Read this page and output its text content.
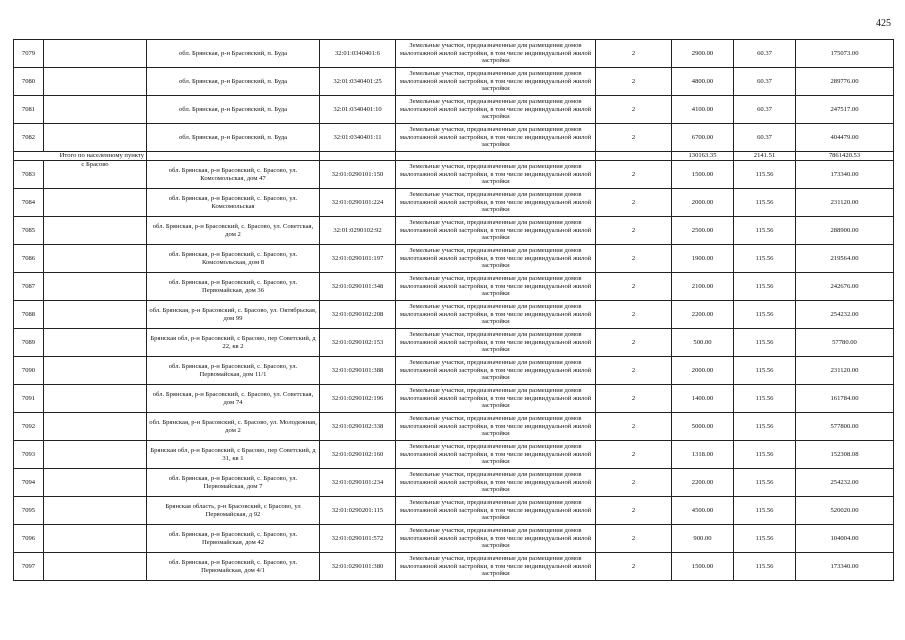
425
7079		обл. Брянская, р-н Брасовский, п. Буда	32:01:0340401:6	Земельные участки, предназначенные для размещения домов малоэтажной жилой застройки, в том числе индивидуальной жилой застройки	2	2900.00	60.37	175073.00
7080		обл. Брянская, р-н Брасовский, п. Буда	32:01:0340401:25	Земельные участки, предназначенные для размещения домов малоэтажной жилой застройки, в том числе индивидуальной жилой застройки	2	4800.00	60.37	289776.00
7081		обл. Брянская, р-н Брасовский, п. Буда	32:01:0340401:10	Земельные участки, предназначенные для размещения домов малоэтажной жилой застройки, в том числе индивидуальной жилой застройки	2	4100.00	60.37	247517.00
7082		обл. Брянская, р-н Брасовский, п. Буда	32:01:0340401:11	Земельные участки, предназначенные для размещения домов малоэтажной жилой застройки, в том числе индивидуальной жилой застройки	2	6700.00	60.37	404479.00
Итого по населенному пункту						130163.35	2141.51	7861420.53
7083	с Брасово	обл. Брянская, р-н Брасовский, с. Брасово, ул. Комсомольская, дом 47	32:01:0290101:150	Земельные участки, предназначенные для размещения домов малоэтажной жилой застройки, в том числе индивидуальной жилой застройки	2	1500.00	115.56	173340.00
7084		обл. Брянская, р-н Брасовский, с. Брасово, ул. Комсомольская	32:01:0290101:224	Земельные участки, предназначенные для размещения домов малоэтажной жилой застройки, в том числе индивидуальной жилой застройки	2	2000.00	115.56	231120.00
7085		обл. Брянская, р-н Брасовский, с. Брасово, ул. Советская, дом 2	32:01:0290102:92	Земельные участки, предназначенные для размещения домов малоэтажной жилой застройки, в том числе индивидуальной жилой застройки	2	2500.00	115.56	288900.00
7086		обл. Брянская, р-н Брасовский, с. Брасово, ул. Комсомольская, дом 8	32:01:0290101:197	Земельные участки, предназначенные для размещения домов малоэтажной жилой застройки, в том числе индивидуальной жилой застройки	2	1900.00	115.56	219564.00
7087		обл. Брянская, р-н Брасовский, с. Брасово, ул. Первомайская, дом 36	32:01:0290101:348	Земельные участки, предназначенные для размещения домов малоэтажной жилой застройки, в том числе индивидуальной жилой застройки	2	2100.00	115.56	242676.00
7088		обл. Брянская, р-н Брасовский, с. Брасово, ул. Октябрьская, дом 99	32:01:0290102:208	Земельные участки, предназначенные для размещения домов малоэтажной жилой застройки, в том числе индивидуальной жилой застройки	2	2200.00	115.56	254232.00
7089		Брянская обл, р-н Брасовский, с Брасово, пер Советский, д 22, кв 2	32:01:0290102:153	Земельные участки, предназначенные для размещения домов малоэтажной жилой застройки, в том числе индивидуальной жилой застройки	2	500.00	115.56	57780.00
7090		обл. Брянская, р-н Брасовский, с. Брасово, ул. Первомайская, дом 11/1	32:01:0290101:388	Земельные участки, предназначенные для размещения домов малоэтажной жилой застройки, в том числе индивидуальной жилой застройки	2	2000.00	115.56	231120.00
7091		обл. Брянская, р-н Брасовский, с. Брасово, ул. Советская, дом 74	32:01:0290102:196	Земельные участки, предназначенные для размещения домов малоэтажной жилой застройки, в том числе индивидуальной жилой застройки	2	1400.00	115.56	161784.00
7092		обл. Брянская, р-н Брасовский, с. Брасово, ул. Молодежная, дом 2	32:01:0290102:338	Земельные участки, предназначенные для размещения домов малоэтажной жилой застройки, в том числе индивидуальной жилой застройки	2	5000.00	115.56	577800.00
7093		Брянская обл, р-н Брасовский, с Брасово, пер Советский, д 31, кв 1	32:01:0290102:160	Земельные участки, предназначенные для размещения домов малоэтажной жилой застройки, в том числе индивидуальной жилой застройки	2	1318.00	115.56	152308.08
7094		обл. Брянская, р-н Брасовский, с. Брасово, ул. Первомайская, дом 7	32:01:0290101:234	Земельные участки, предназначенные для размещения домов малоэтажной жилой застройки, в том числе индивидуальной жилой застройки	2	2200.00	115.56	254232.00
7095		Брянская область, р-н Брасовский, с Брасово, ул Первомайская, д 92	32:01:0290201:115	Земельные участки, предназначенные для размещения домов малоэтажной жилой застройки, в том числе индивидуальной жилой застройки	2	4500.00	115.56	520020.00
7096		обл. Брянская, р-н Брасовский, с. Брасово, ул. Первомайская, дом 42	32:01:0290101:572	Земельные участки, предназначенные для размещения домов малоэтажной жилой застройки, в том числе индивидуальной жилой застройки	2	900.00	115.56	104004.00
7097		обл. Брянская, р-н Брасовский, с. Брасово, ул. Первомайская, дом 4/1	32:01:0290101:380	Земельные участки, предназначенные для размещения домов малоэтажной жилой застройки, в том числе индивидуальной жилой застройки	2	1500.00	115.56	173340.00
